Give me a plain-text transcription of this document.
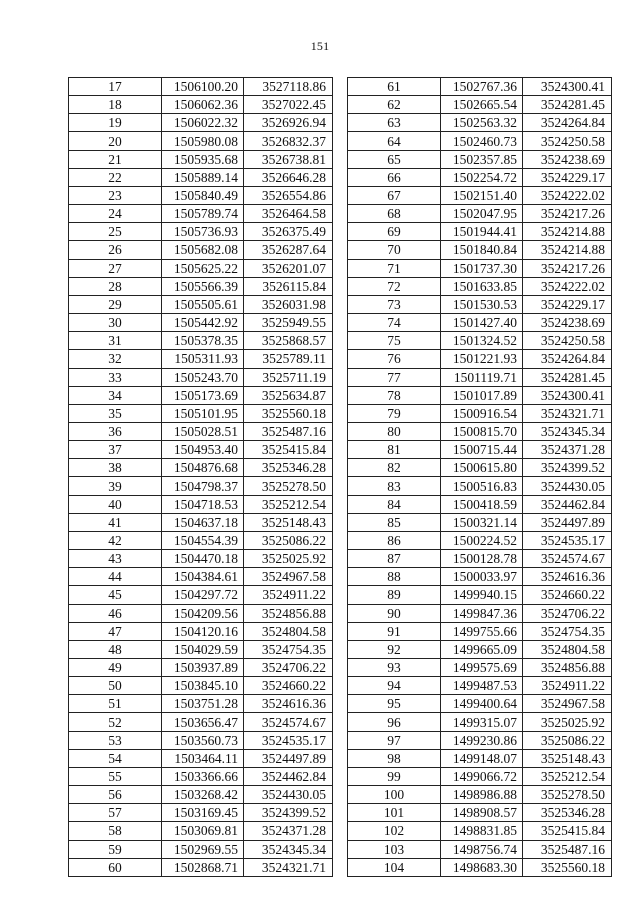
151
17	1506100.20	3527118.86
18	1506062.36	3527022.45
19	1506022.32	3526926.94
20	1505980.08	3526832.37
21	1505935.68	3526738.81
22	1505889.14	3526646.28
23	1505840.49	3526554.86
24	1505789.74	3526464.58
25	1505736.93	3526375.49
26	1505682.08	3526287.64
27	1505625.22	3526201.07
28	1505566.39	3526115.84
29	1505505.61	3526031.98
30	1505442.92	3525949.55
31	1505378.35	3525868.57
32	1505311.93	3525789.11
33	1505243.70	3525711.19
34	1505173.69	3525634.87
35	1505101.95	3525560.18
36	1505028.51	3525487.16
37	1504953.40	3525415.84
38	1504876.68	3525346.28
39	1504798.37	3525278.50
40	1504718.53	3525212.54
41	1504637.18	3525148.43
42	1504554.39	3525086.22
43	1504470.18	3525025.92
44	1504384.61	3524967.58
45	1504297.72	3524911.22
46	1504209.56	3524856.88
47	1504120.16	3524804.58
48	1504029.59	3524754.35
49	1503937.89	3524706.22
50	1503845.10	3524660.22
51	1503751.28	3524616.36
52	1503656.47	3524574.67
53	1503560.73	3524535.17
54	1503464.11	3524497.89
55	1503366.66	3524462.84
56	1503268.42	3524430.05
57	1503169.45	3524399.52
58	1503069.81	3524371.28
59	1502969.55	3524345.34
60	1502868.71	3524321.71
61	1502767.36	3524300.41
62	1502665.54	3524281.45
63	1502563.32	3524264.84
64	1502460.73	3524250.58
65	1502357.85	3524238.69
66	1502254.72	3524229.17
67	1502151.40	3524222.02
68	1502047.95	3524217.26
69	1501944.41	3524214.88
70	1501840.84	3524214.88
71	1501737.30	3524217.26
72	1501633.85	3524222.02
73	1501530.53	3524229.17
74	1501427.40	3524238.69
75	1501324.52	3524250.58
76	1501221.93	3524264.84
77	1501119.71	3524281.45
78	1501017.89	3524300.41
79	1500916.54	3524321.71
80	1500815.70	3524345.34
81	1500715.44	3524371.28
82	1500615.80	3524399.52
83	1500516.83	3524430.05
84	1500418.59	3524462.84
85	1500321.14	3524497.89
86	1500224.52	3524535.17
87	1500128.78	3524574.67
88	1500033.97	3524616.36
89	1499940.15	3524660.22
90	1499847.36	3524706.22
91	1499755.66	3524754.35
92	1499665.09	3524804.58
93	1499575.69	3524856.88
94	1499487.53	3524911.22
95	1499400.64	3524967.58
96	1499315.07	3525025.92
97	1499230.86	3525086.22
98	1499148.07	3525148.43
99	1499066.72	3525212.54
100	1498986.88	3525278.50
101	1498908.57	3525346.28
102	1498831.85	3525415.84
103	1498756.74	3525487.16
104	1498683.30	3525560.18
